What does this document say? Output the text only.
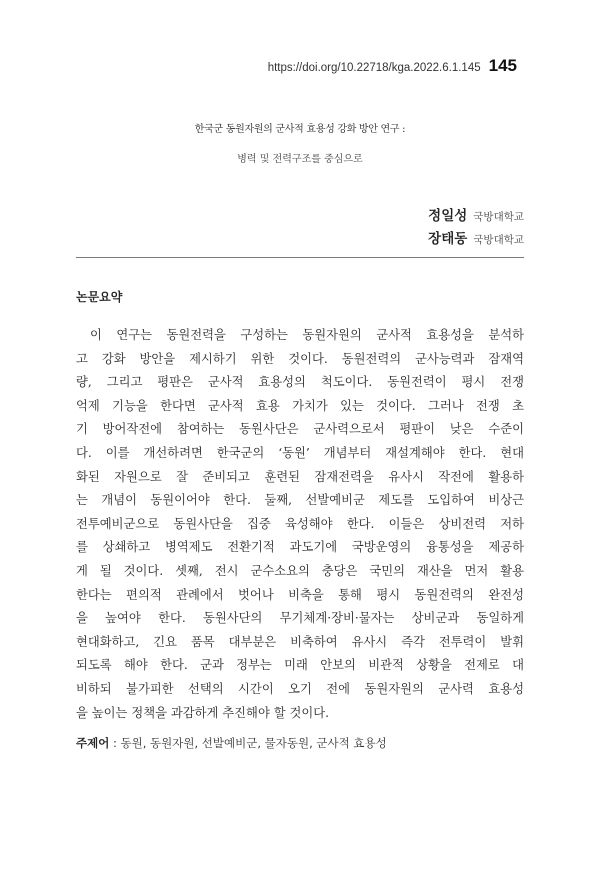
https://doi.org/10.22718/kga.2022.6.1.145 145
한국군 동원자원의 군사적 효용성 강화 방안 연구 :
병력 및 전력구조를 중심으로
정일성 국방대학교
장태동 국방대학교
논문요약
이 연구는 동원전력을 구성하는 동원자원의 군사적 효용성을 분석하
고 강화 방안을 제시하기 위한 것이다. 동원전력의 군사능력과 잠재역
량, 그리고 평판은 군사적 효용성의 척도이다. 동원전력이 평시 전쟁
억제 기능을 한다면 군사적 효용 가치가 있는 것이다. 그러나 전쟁 초
기 방어작전에 참여하는 동원사단은 군사력으로서 평판이 낮은 수준이
다. 이를 개선하려면 한국군의 ‘동원’ 개념부터 재설계해야 한다. 현대
화된 자원으로 잘 준비되고 훈련된 잠재전력을 유사시 작전에 활용하
는 개념이 동원이어야 한다. 둘째, 선발예비군 제도를 도입하여 비상근
전투예비군으로 동원사단을 집중 육성해야 한다. 이들은 상비전력 저하
를 상쇄하고 병역제도 전환기적 과도기에 국방운영의 융통성을 제공하
게 될 것이다. 셋째, 전시 군수소요의 충당은 국민의 재산을 먼저 활용
한다는 편의적 관례에서 벗어나 비축을 통해 평시 동원전력의 완전성
을 높여야 한다. 동원사단의 무기체계·장비·물자는 상비군과 동일하게
현대화하고, 긴요 품목 대부분은 비축하여 유사시 즉각 전투력이 발휘
되도록 해야 한다. 군과 정부는 미래 안보의 비관적 상황을 전제로 대
비하되 불가피한 선택의 시간이 오기 전에 동원자원의 군사력 효용성
을 높이는 정책을 과감하게 추진해야 할 것이다.
주제어 : 동원, 동원자원, 선발예비군, 물자동원, 군사적 효용성
